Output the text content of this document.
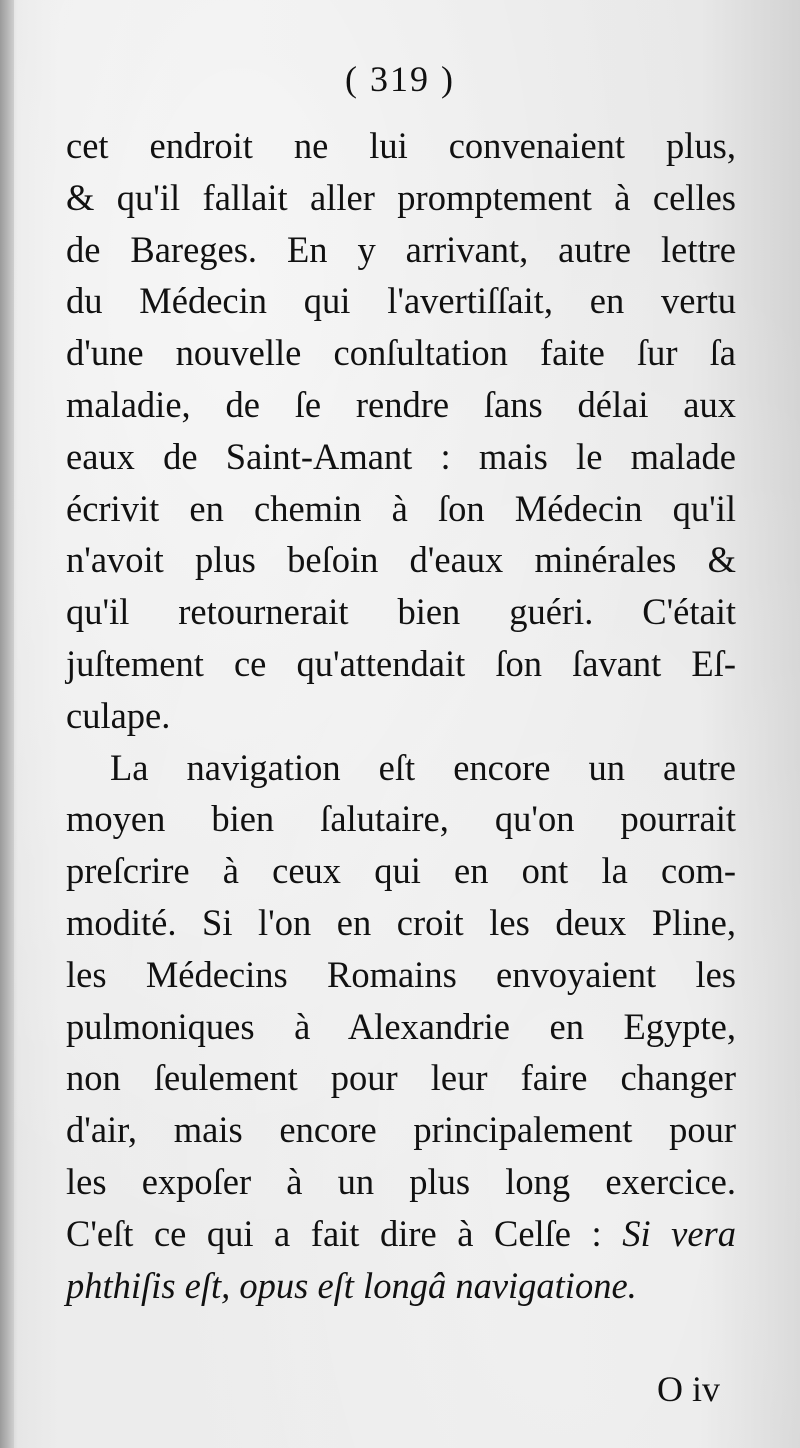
( 319 )
cet endroit ne lui convenaient plus,
& qu'il fallait aller promptement à celles
de Bareges. En y arrivant, autre lettre
du Médecin qui l'avertiſſait, en vertu
d'une nouvelle conſultation faite ſur ſa
maladie, de ſe rendre ſans délai aux
eaux de Saint-Amant : mais le malade
écrivit en chemin à ſon Médecin qu'il
n'avoit plus beſoin d'eaux minérales &
qu'il retournerait bien guéri. C'était
juſtement ce qu'attendait ſon ſavant Eſ-
culape.
La navigation eſt encore un autre
moyen bien ſalutaire, qu'on pourrait
preſcrire à ceux qui en ont la com-
modité. Si l'on en croit les deux Pline,
les Médecins Romains envoyaient les
pulmoniques à Alexandrie en Egypte,
non ſeulement pour leur faire changer
d'air, mais encore principalement pour
les expoſer à un plus long exercice.
C'eſt ce qui a fait dire à Celſe : Si vera
phthiſis eſt, opus eſt longâ navigatione.
O iv
